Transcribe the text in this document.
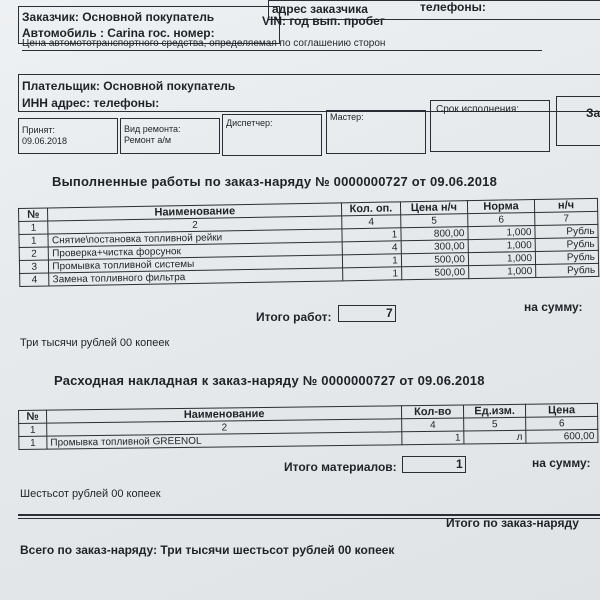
Заказчик: Основной покупатель
Автомобиль : Carina гос. номер:
адрес заказчика	телефоны:
VIN: год вып. пробег
Цена автомототранспортного средства, определяемая по соглашению сторон
Плательщик: Основной покупатель
ИНН адрес: телефоны:
Принят:
09.06.2018
Вид ремонта:
Ремонт а/м
Диспетчер:
Мастер:
Срок исполнения:	За
Выполненные работы по заказ-наряду № 0000000727 от 09.06.2018
№	Наименование	Кол. оп.	Цена н/ч	Норма	н/ч
1	2	4	5	6	7
1	Снятие\постановка топливной рейки	1	800,00	1,000	Рубль
2	Проверка+чистка форсунок	4	300,00	1,000	Рубль
3	Промывка топливной системы	1	500,00	1,000	Рубль
4	Замена топливного фильтра	1	500,00	1,000	Рубль
Итого работ:	7	на сумму:
Три тысячи рублей 00 копеек
Расходная накладная к заказ-наряду № 0000000727 от 09.06.2018
№	Наименование	Кол-во	Ед.изм.	Цена
1	2	4	5	6
1	Промывка топливной GREENOL	1	л	600,00
Итого материалов:	1	на сумму:
Шестьсот рублей 00 копеек
Итого по заказ-наряду
Всего по заказ-наряду: Три тысячи шестьсот рублей 00 копеек
